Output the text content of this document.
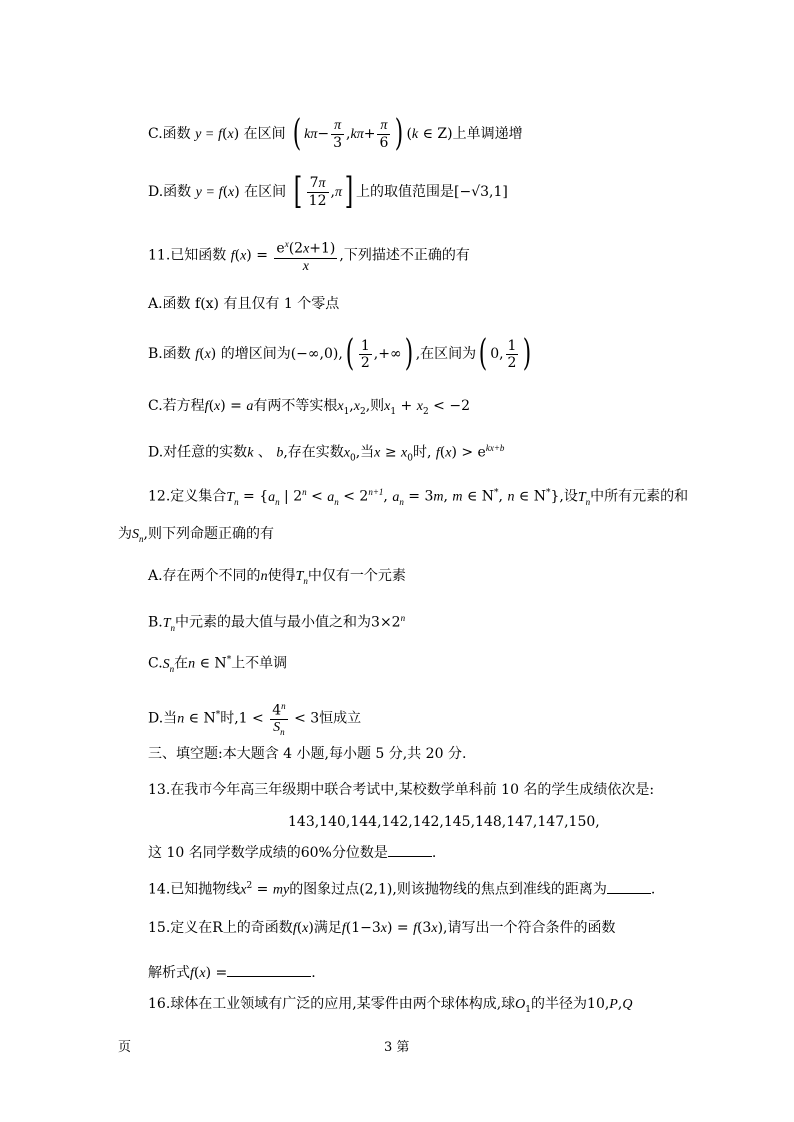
C.函数 y = f(x) 在区间 ( $k\pi- \frac{\pi}{3} ,k\pi+ \frac{\pi}{6}$ ) (k ∈ Z)上单调递增
D.函数 y = f(x) 在区间 [ $\frac{7\pi}{12} ,\pi$] 上的取值范围是[−√3,1]
11.已知函数 $f(x) = \frac{e^x(2x+1)}{x}$ ,下列描述不正确的有
A.函数 f(x) 有且仅有 1 个零点
B.函数 f(x) 的增区间为$(-\infty,0),( \frac{1}{2}$ ,+∞) ,在区间为( 0, $\frac{1}{2}$ )
C.若方程f(x) = a有两不等实根$x_1,x_2$,则$x_1 + x_2 < -2$
D.对任意的实数k 、 b,存在实数$x_0$,当$x \ge x_0$时, $f(x) > e^{kx+b}$
12.定义集合$T_n = \{a_n$ | $2^n < a_n < 2^{n+1}$, $a_n = 3m$, m ∈ N*, n ∈ N*},设$T_n$中所有元素的和
为$S_n$,则下列命题正确的有
A.存在两个不同的n使得$T_n$中仅有一个元素
$B.T_n$中元素的最大值与最小值之和为$3\times 2^n$
$C.S_n$在n ∈ N*上不单调
D.当n ∈ N*时$,1 < \frac{4^n}{S_n} < 3$恒成立
三、填空题:本大题含 4 小题,每小题 5 分,共 20 分.
13.在我市今年高三年级期中联合考试中,某校数学单科前 10 名的学生成绩依次是:
143,140,144,142,142,145,148,147,147,150,
这 10 名同学数学成绩的60%分位数是	.
14.已知抛物线$x^2$ = my的图象过点(2,1),则该抛物线的焦点到准线的距离为	.
15.定义在R上的奇函数f(x)满足f(1−3x) = f(3x),请写出一个符合条件的函数
解析式f(x) =	.
16.球体在工业领域有广泛的应用,某零件由两个球体构成,球$O_1$的半径为10,P,Q
页	3 第
